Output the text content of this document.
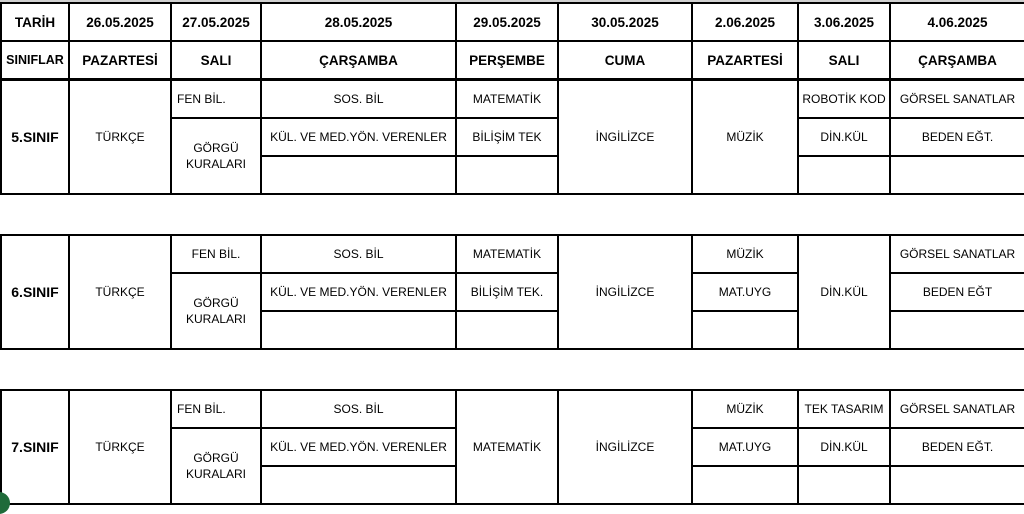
TARİH	26.05.2025	27.05.2025	28.05.2025	29.05.2025	30.05.2025	2.06.2025	3.06.2025	4.06.2025
SINIFLAR	PAZARTESİ	SALI	ÇARŞAMBA	PERŞEMBE	CUMA	PAZARTESİ	SALI	ÇARŞAMBA
5.SINIF	TÜRKÇE	FEN BİL.	SOS. BİL	MATEMATİK	İNGİLİZCE	MÜZİK	ROBOTİK KOD	GÖRSEL SANATLAR
		GÖRGÜ KURALARI	KÜL. VE MED.YÖN. VERENLER	BİLİŞİM TEK			DİN.KÜL	BEDEN EĞT.

6.SINIF	TÜRKÇE	FEN BİL.	SOS. BİL	MATEMATİK	İNGİLİZCE	MÜZİK	DİN.KÜL	GÖRSEL SANATLAR
		GÖRGÜ KURALARI	KÜL. VE MED.YÖN. VERENLER	BİLİŞİM TEK.		MAT.UYG		BEDEN EĞT

7.SINIF	TÜRKÇE	FEN BİL.	SOS. BİL	MATEMATİK	İNGİLİZCE	MÜZİK	TEK TASARIM	GÖRSEL SANATLAR
		GÖRGÜ KURALARI	KÜL. VE MED.YÖN. VERENLER			MAT.UYG	DİN.KÜL	BEDEN EĞT.
